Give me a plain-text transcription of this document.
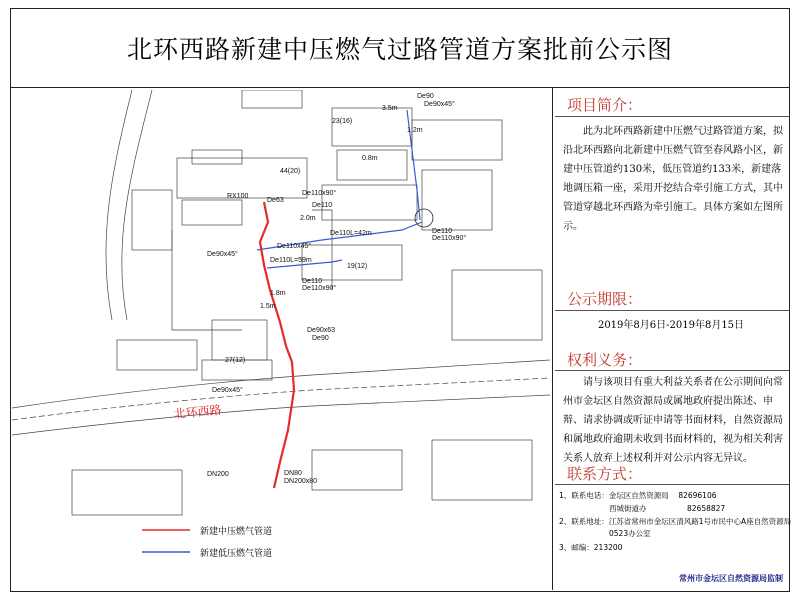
北环西路新建中压燃气过路管道方案批前公示图
23(16)
44(20)
19(12)
27(12)
De90
De90x45°
RX100
De63
De110x90°
De110
De90x45°
De110x45°
De110L=42m
De110L=59m
De110
De110x90°
De110
De110x90°
De90x45°
De90x63
De90
DN80
DN200x80
DN200
3.5m
1.2m
2.0m
1.8m
1.5m
0.8m
北环西路
新建中压燃气管道
新建低压燃气管道
项目简介：
此为北环西路新建中压燃气过路管道方案，拟沿北环西路向北新建中压燃气管至春风路小区，新建中压管道约130米，低压管道约133米，新建落地调压箱一座，采用开挖结合牵引施工方式，其中管道穿越北环西路为牵引施工。具体方案如左图所示。
公示期限：
2019年8月6日-2019年8月15日
权利义务：
请与该项目有重大利益关系者在公示期间向常州市金坛区自然资源局或属地政府提出陈述、申辩、请求协调或听证申请等书面材料，自然资源局和属地政府逾期未收到书面材料的，视为相关利害关系人放弃上述权利并对公示内容无异议。
联系方式：
1、联系电话：金坛区自然资源局 82696106
西城街道办	82658827
2、联系地址：江苏省常州市金坛区清风路1号市民中心A座自然资源局
0523办公室
3、邮编：213200
常州市金坛区自然资源局监制
